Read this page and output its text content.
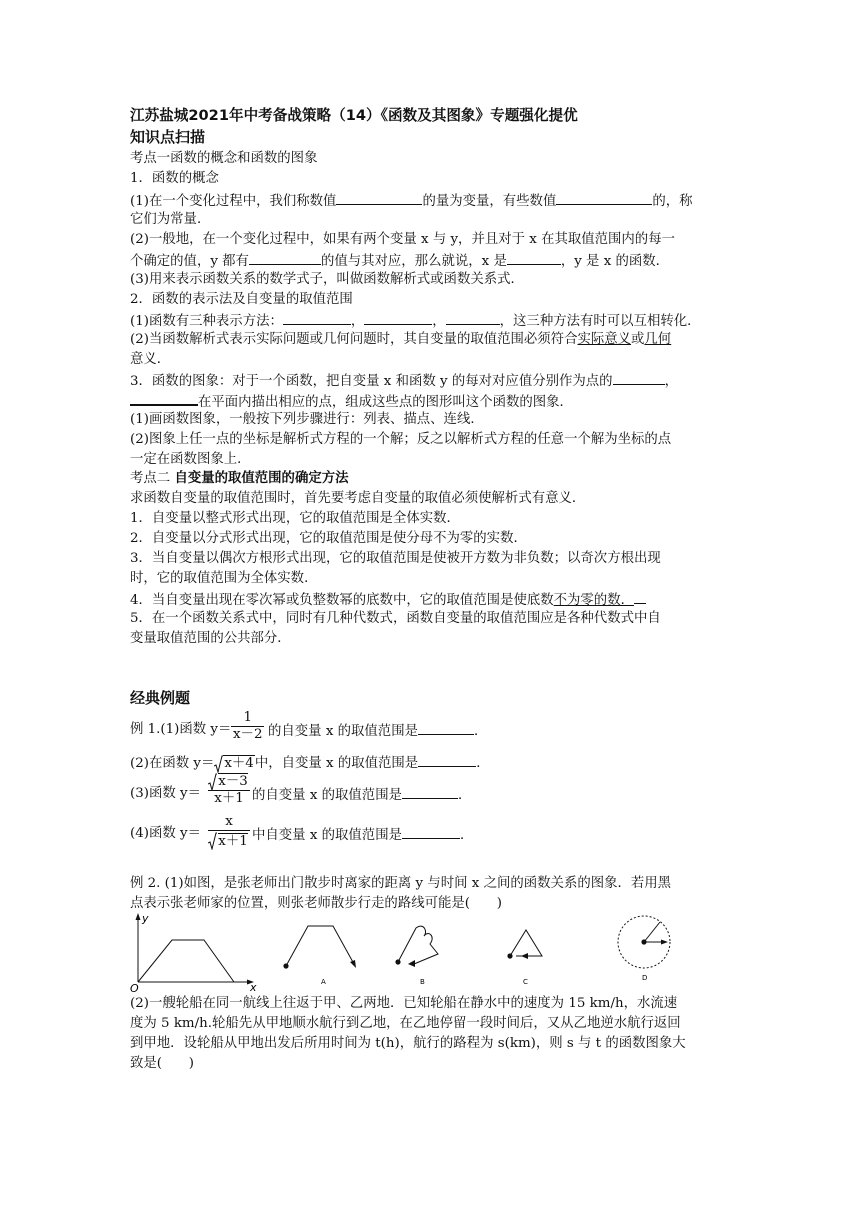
江苏盐城2021年中考备战策略（14）《函数及其图象》专题强化提优
知识点扫描
考点一函数的概念和函数的图象
1．函数的概念
(1)在一个变化过程中，我们称数值	的量为变量，有些数值	的，称
它们为常量．
(2)一般地，在一个变化过程中，如果有两个变量 x 与 y，并且对于 x 在其取值范围内的每一
个确定的值，y 都有	的值与其对应，那么就说，x 是	，y 是 x 的函数．
(3)用来表示函数关系的数学式子，叫做函数解析式或函数关系式．
2．函数的表示法及自变量的取值范围
(1)函数有三种表示方法：	，	，	，这三种方法有时可以互相转化．
(2)当函数解析式表示实际问题或几何问题时，其自变量的取值范围必须符合实际意义或几何
意义．
3．函数的图象：对于一个函数，把自变量 x 和函数 y 的每对对应值分别作为点的	，
在平面内描出相应的点，组成这些点的图形叫这个函数的图象．
(1)画函数图象，一般按下列步骤进行：列表、描点、连线．
(2)图象上任一点的坐标是解析式方程的一个解；反之以解析式方程的任意一个解为坐标的点
一定在函数图象上．
考点二 自变量的取值范围的确定方法
求函数自变量的取值范围时，首先要考虑自变量的取值必须使解析式有意义．
1．自变量以整式形式出现，它的取值范围是全体实数．
2．自变量以分式形式出现，它的取值范围是使分母不为零的实数．
3．当自变量以偶次方根形式出现，它的取值范围是使被开方数为非负数；以奇次方根出现
时，它的取值范围为全体实数．
4．当自变量出现在零次幂或负整数幂的底数中，它的取值范围是使底数不为零的数．
5．在一个函数关系式中，同时有几种代数式，函数自变量的取值范围应是各种代数式中自
变量取值范围的公共部分．
经典例题
例 1.(1)函数 $y= \frac{1}{x-2}$ 的自变量 x 的取值范围是	．
(2)在函数 y＝ x＋4中，自变量 x 的取值范围是	．
(3)函数 $y= \frac{x-3}{x+1}$ 的自变量 x 的取值范围是	．
(4)函数 $y= \frac{x}{x+1}$ 中自变量 x 的取值范围是	．
例 2. (1)如图，是张老师出门散步时离家的距离 y 与时间 x 之间的函数关系的图象．若用黑
点表示张老师家的位置，则张老师散步行走的路线可能是(　　)
y
x
O	A	B	C	D
(2)一艘轮船在同一航线上往返于甲、乙两地．已知轮船在静水中的速度为 15 km/h，水流速
度为 5 km/h.轮船先从甲地顺水航行到乙地，在乙地停留一段时间后，又从乙地逆水航行返回
到甲地．设轮船从甲地出发后所用时间为 t(h)，航行的路程为 s(km)，则 s 与 t 的函数图象大
致是(　　)
